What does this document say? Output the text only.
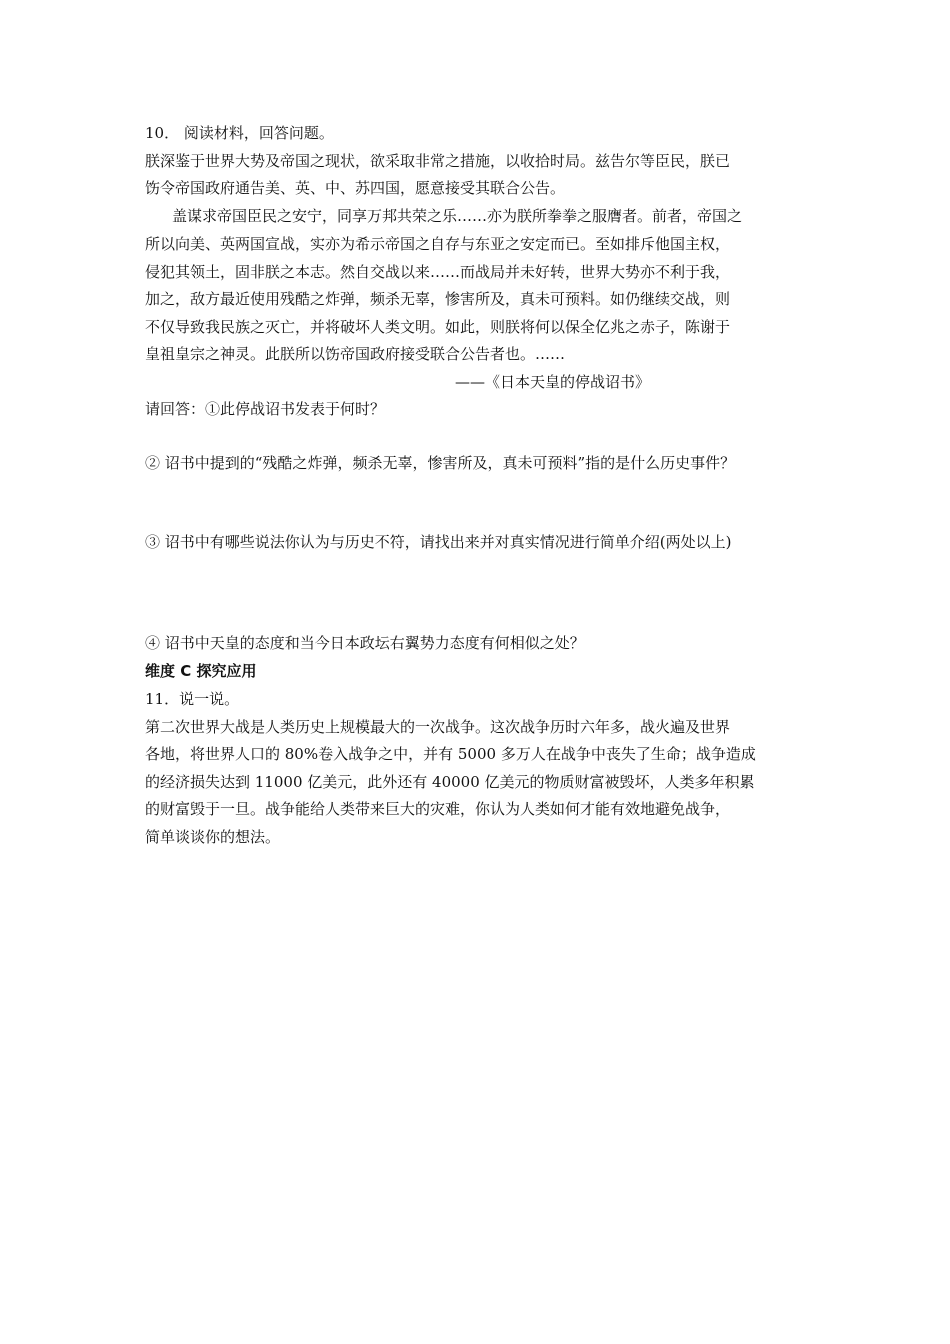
10． 阅读材料，回答问题。
朕深鉴于世界大势及帝国之现状，欲采取非常之措施，以收拾时局。兹告尔等臣民，朕已
饬令帝国政府通告美、英、中、苏四国，愿意接受其联合公告。
盖谋求帝国臣民之安宁，同享万邦共荣之乐……亦为朕所拳拳之服膺者。前者，帝国之
所以向美、英两国宣战，实亦为希示帝国之自存与东亚之安定而已。至如排斥他国主权，
侵犯其领土，固非朕之本志。然自交战以来……而战局并未好转，世界大势亦不利于我，
加之，敌方最近使用残酷之炸弹，频杀无辜，惨害所及，真未可预料。如仍继续交战，则
不仅导致我民族之灭亡，并将破坏人类文明。如此，则朕将何以保全亿兆之赤子，陈谢于
皇祖皇宗之神灵。此朕所以饬帝国政府接受联合公告者也。……
——《日本天皇的停战诏书》
请回答：①此停战诏书发表于何时？
② 诏书中提到的“残酷之炸弹，频杀无辜，惨害所及，真未可预料”指的是什么历史事件？
③ 诏书中有哪些说法你认为与历史不符，请找出来并对真实情况进行简单介绍(两处以上)
④ 诏书中天皇的态度和当今日本政坛右翼势力态度有何相似之处？
维度 C 探究应用
11．说一说。
第二次世界大战是人类历史上规模最大的一次战争。这次战争历时六年多，战火遍及世界
各地，将世界人口的 80%卷入战争之中，并有 5000 多万人在战争中丧失了生命；战争造成
的经济损失达到 11000 亿美元，此外还有 40000 亿美元的物质财富被毁坏，人类多年积累
的财富毁于一旦。战争能给人类带来巨大的灾难，你认为人类如何才能有效地避免战争，
简单谈谈你的想法。
